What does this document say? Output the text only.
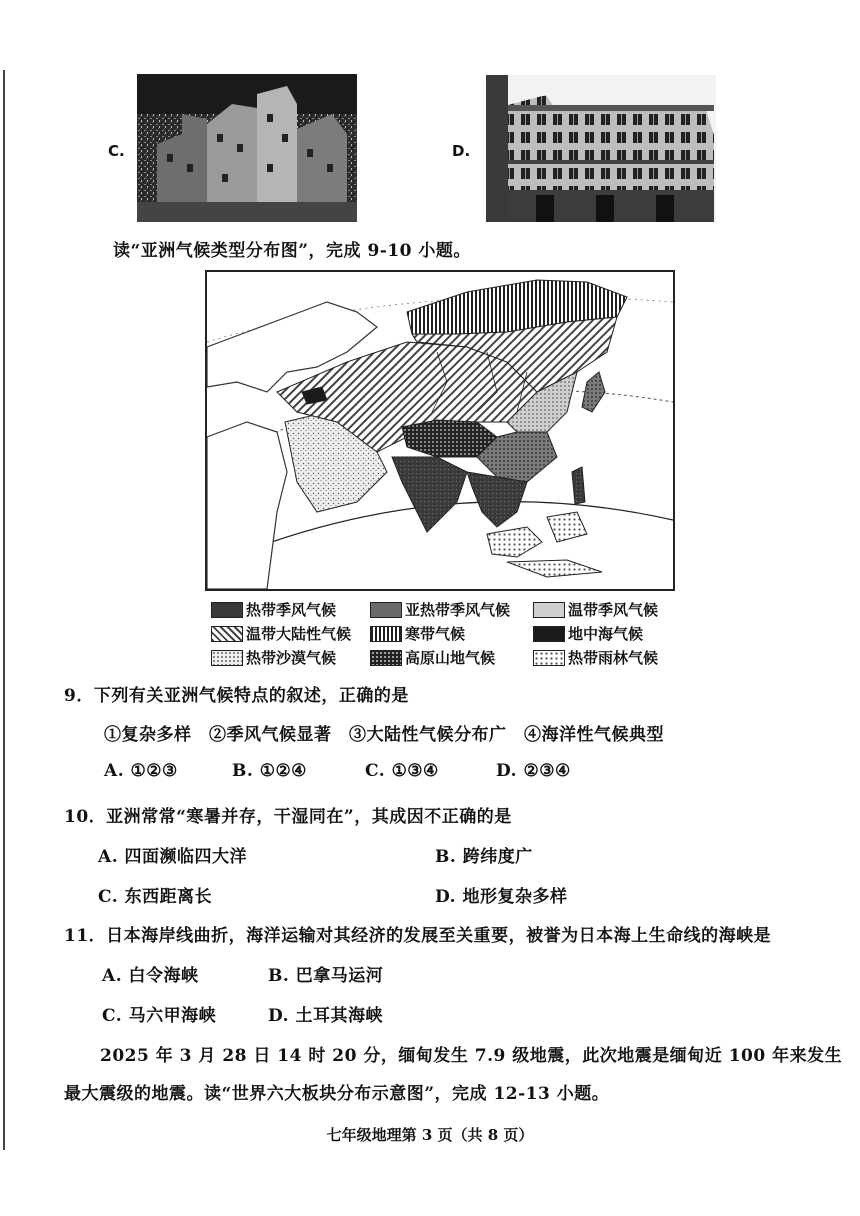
C.	D.
读“亚洲气候类型分布图”，完成 9-10 小题。
热带季风气候	亚热带季风气候	温带季风气候
温带大陆性气候	寒带气候	地中海气候
热带沙漠气候	高原山地气候	热带雨林气候
9．下列有关亚洲气候特点的叙述，正确的是
①复杂多样　②季风气候显著　③大陆性气候分布广　④海洋性气候典型
A. ①②③	B. ①②④	C. ①③④	D. ②③④
10．亚洲常常“寒暑并存，干湿同在”，其成因不正确的是
A. 四面濒临四大洋	B. 跨纬度广
C. 东西距离长	D. 地形复杂多样
11．日本海岸线曲折，海洋运输对其经济的发展至关重要，被誉为日本海上生命线的海峡是
A. 白令海峡	B. 巴拿马运河
C. 马六甲海峡	D. 土耳其海峡
2025 年 3 月 28 日 14 时 20 分，缅甸发生 7.9 级地震，此次地震是缅甸近 100 年来发生
最大震级的地震。读“世界六大板块分布示意图”，完成 12-13 小题。
七年级地理第 3 页（共 8 页）
